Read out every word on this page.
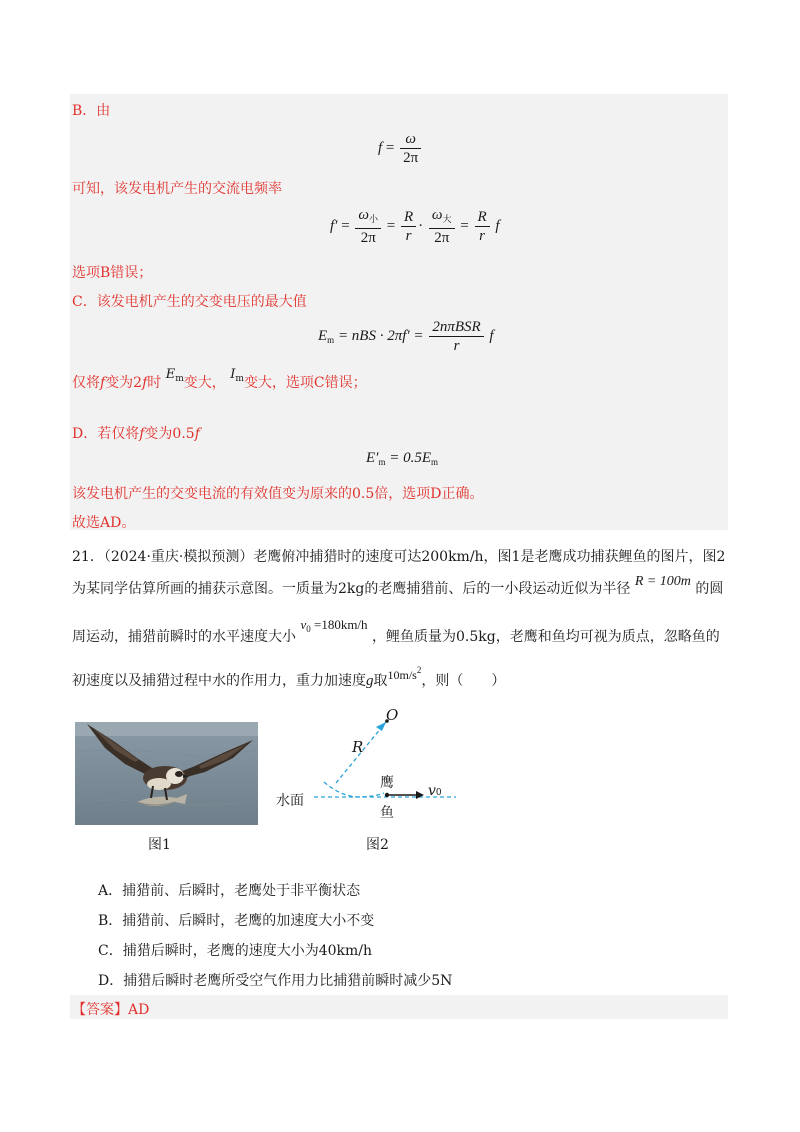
B．由
$f = \frac{\omega}{2\pi}$
可知，该发电机产生的交流电频率
$f' = \frac{\omega_小}{2\pi} = \frac{R}{r} \cdot \frac{\omega_大}{2\pi} = \frac{R}{r}$ f
选项B错误；
C．该发电机产生的交变电压的最大值
$E_m$ = nBS · $2\pi f' = \frac{\text{2nπBSR}}{r}$ f
仅将f变为2f时 $E^m$变大， $I^m$变大，选项C错误；
D．若仅将f变为0.5f
$E'_m = 0.5E_m$
该发电机产生的交变电流的有效值变为原来的0.5倍，选项D正确。
故选AD。
21．（2024·重庆·模拟预测）老鹰俯冲捕猎时的速度可达200km/h，图1是老鹰成功捕获鲤鱼的图片，图2
为某同学估算所画的捕获示意图。一质量为2kg的老鹰捕猎前、后的一小段运动近似为半径 R = 100m 的圆
周运动，捕猎前瞬时的水平速度大小 $v_0 =180km/h$ ，鲤鱼质量为0.5kg，老鹰和鱼均可视为质点，忽略鱼的
初速度以及捕猎过程中水的作用力，重力加速度g取$10m/s^2$，则（　　）
图1
O
R
鹰
鱼
水面
v0
图2
A．捕猎前、后瞬时，老鹰处于非平衡状态
B．捕猎前、后瞬时，老鹰的加速度大小不变
C．捕猎后瞬时，老鹰的速度大小为40km/h
D．捕猎后瞬时老鹰所受空气作用力比捕猎前瞬时减少5N
【答案】AD
